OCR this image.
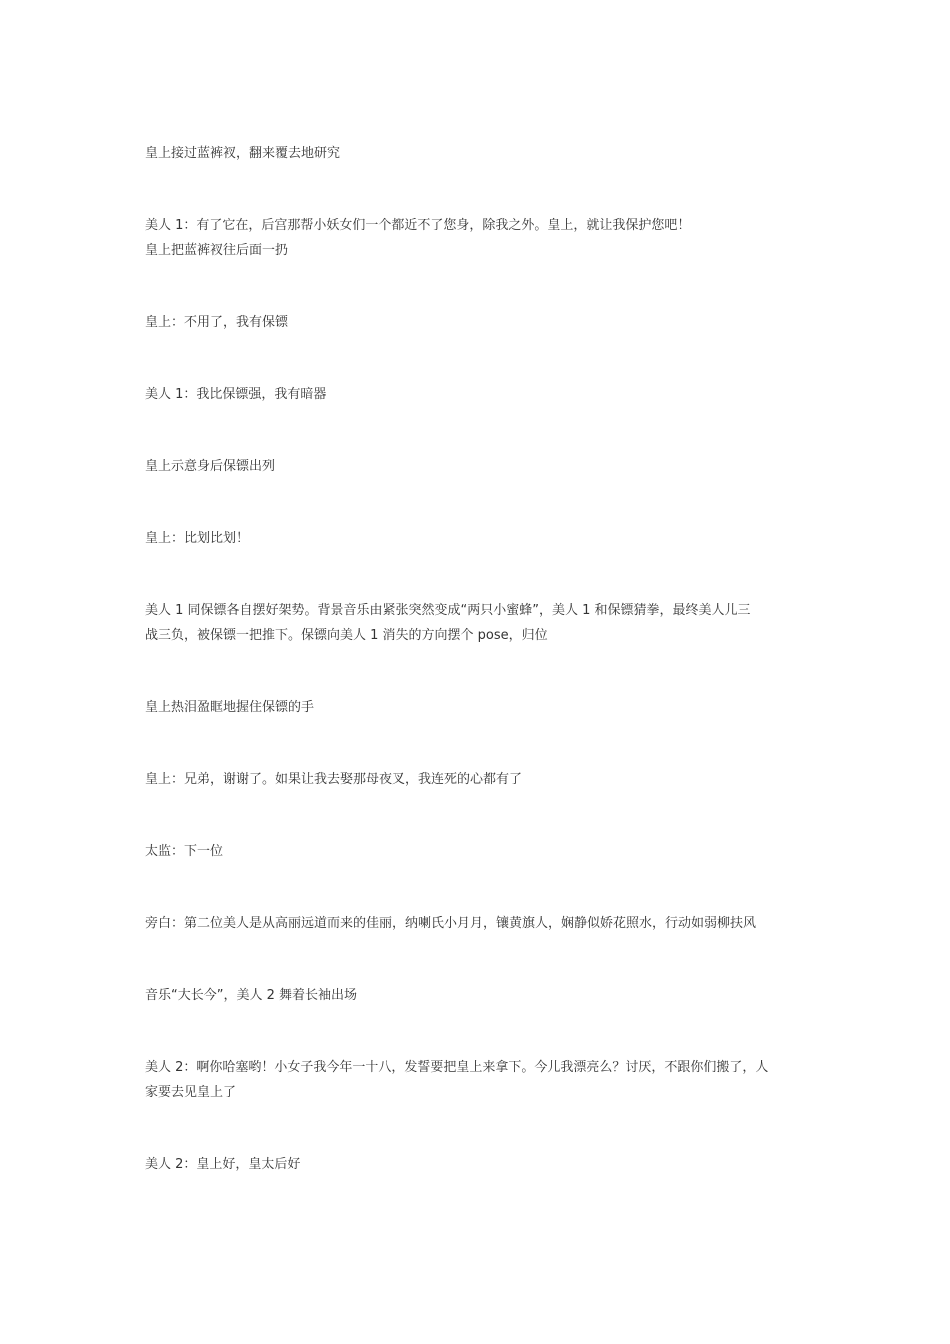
皇上接过蓝裤衩，翻来覆去地研究

美人 1：有了它在，后宫那帮小妖女们一个都近不了您身，除我之外。皇上，就让我保护您吧！
皇上把蓝裤衩往后面一扔

皇上：不用了，我有保镖

美人 1：我比保镖强，我有暗器

皇上示意身后保镖出列

皇上：比划比划！

美人 1 同保镖各自摆好架势。背景音乐由紧张突然变成“两只小蜜蜂”，美人 1 和保镖猜拳，最终美人儿三
战三负，被保镖一把推下。保镖向美人 1 消失的方向摆个 pose，归位

皇上热泪盈眶地握住保镖的手

皇上：兄弟，谢谢了。如果让我去娶那母夜叉，我连死的心都有了

太监：下一位

旁白：第二位美人是从高丽远道而来的佳丽，纳喇氏小月月，镶黄旗人，娴静似娇花照水，行动如弱柳扶风

音乐“大长今”，美人 2 舞着长袖出场

美人 2：啊你哈塞哟！小女子我今年一十八，发誓要把皇上来拿下。今儿我漂亮么？讨厌，不跟你们搬了，人
家要去见皇上了

美人 2：皇上好，皇太后好
